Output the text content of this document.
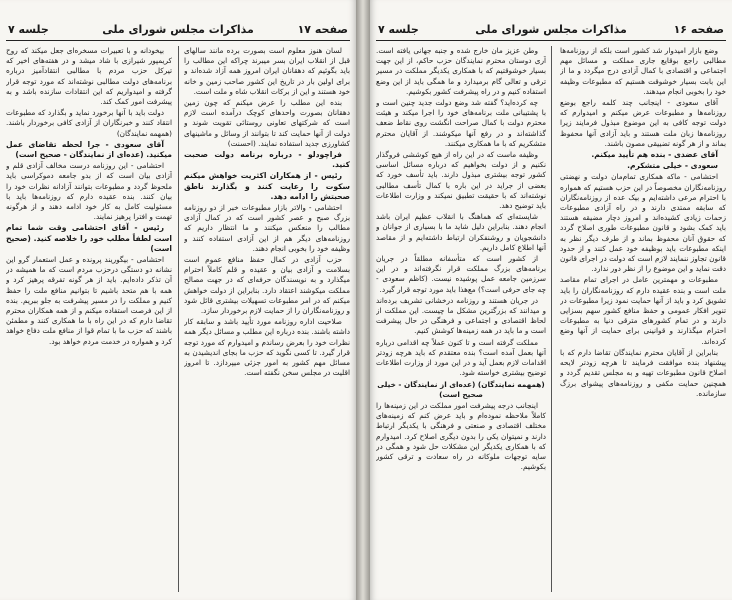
صفحه ۱۷
مذاکرات مجلس شورای ملی
جلسه ۷

لسان هنوز معلوم است بصورت برده مانند سالهای قبل از انقلاب ایران بسر میبرند چراکه این مطالب را باید بگوئیم که دهقانان ایران امروز همه آزاد شده‌اند و برای اولین بار در تاریخ این کشور صاحب زمین و خانه خود هستند و این از برکات انقلاب شاه و ملت است.

بنده این مطلب را عرض میکنم که چون زمین دهقانان بصورت واحدهای کوچک درآمده است لازم است که شرکتهای تعاونی روستائی تقویت شوند و دولت از آنها حمایت کند تا بتوانند از وسائل و ماشینهای کشاورزی جدید استفاده نمایند. (احسنت)

فراچودلو - درباره برنامه دولت صحبت کنید.

رئیس - از همکاران اکثریت خواهش میکنم سکوت را رعایت کنند و بگذارند ناطق صحبتش را ادامه دهد.

احتشامی - والاتر بازار مطبوعات خبر از دو روزنامه بزرگ صبح و عصر کشور است که در کمال آزادی مطالب را منعکس میکنند و ما انتظار داریم که روزنامه‌های دیگر هم از این آزادی استفاده کنند و وظیفه خود را بخوبی انجام دهند.

حزب آزادی در کمال حفظ منافع عموم است بسلامت و آزادی بیان و عقیده و قلم کاملاً احترام میگذارد و به نویسندگان حرفه‌ای که در جهت مصالح مملکت میکوشند اعتقاد دارد. بنابراین از دولت خواهش میکنم که در امر مطبوعات تسهیلات بیشتری قائل شود و روزنامه‌نگاران را از حمایت لازم برخوردار سازد.

صلاحیت اداره روزنامه مورد تأیید باشد و سابقه کار داشته باشند. بنده درباره این مطلب و مسائل دیگر همه نظرات خود را بعرض رساندم و امیدوارم که مورد توجه قرار گیرد. تا کسی نگوید که حزب ما بجای اندیشیدن به مسائل مهم کشور به امور جزئی میپردازد. تا امروز اقلیت در مجلس سخن نگفته است.

بیخودانه و با تعبیرات مسخره‌ای جعل میکند که روح کریمپور شیرازی با شاد میشد و در هفته‌های اخیر که تیرکل حزب مردم با مطالبی انتقادآمیز درباره برنامه‌های دولت مطالبی نوشته‌اند که مورد توجه قرار گرفته و امیدواریم که این انتقادات سازنده باشد و به پیشرفت امور کمک کند.

دولت باید با آنها برخورد نماید و بگذارد که مطبوعات انتقاد کنند و خبرنگاران از آزادی کافی برخوردار باشند. (همهمه نمایندگان)

آقای سعودی - جرا لحظه تقاضای عمل میکنید. (عده‌ای از نمایندگان - صحیح است)

احتشامی - این روزنامه درست مخالف آزادی قلم و آزادی بیان است که از بدو جامعه دموکراسی باید ملحوظ گردد و مطبوعات بتوانند آزادانه نظرات خود را بیان کنند. بنده عقیده دارم که روزنامه‌ها باید با مسئولیت کامل به کار خود ادامه دهند و از هرگونه تهمت و افترا پرهیز نمایند.

رئیس - آقای احتشامی وقت شما تمام است لطفاً مطلب خود را خلاصه کنید. (صحیح است)

احتشامی - بیگوریند پرونده و عمل استعمار گرو این نشانه دو دستگی درحزب مردم است که ما همیشه در آن تذکر داده‌ایم. باید از هر گونه تفرقه پرهیز کرد و همه با هم متحد باشیم تا بتوانیم منافع ملت را حفظ کنیم و مملکت را در مسیر پیشرفت به جلو ببریم. بنده از این فرصت استفاده میکنم و از همه همکاران محترم تقاضا دارم که در این راه با ما همکاری کنند و مطمئن باشند که حزب ما با تمام قوا از منافع ملت دفاع خواهد کرد و همواره در خدمت مردم خواهد بود.

صفحه ۱۶
مذاکرات مجلس شورای ملی
جلسه ۷

وضع بازار امیدوار شد کشور است بلکه از روزنامه‌ها مطالبی راجع بوقایع جاری مملکت و مسائل مهم اجتماعی و اقتصادی با کمال آزادی درج میگردد و ما از این بابت بسیار خوشوقت هستیم که مطبوعات وظیفه خود را بخوبی انجام میدهند.

آقای سعودی - اینجانب چند کلمه راجع بوضع روزنامه‌ها و مطبوعات عرض میکنم و امیدوارم که دولت توجه کافی به این موضوع مبذول فرمایند زیرا روزنامه‌ها زبان ملت هستند و باید آزادی آنها محفوظ بماند و از هر گونه تضییقی مصون باشند.

آقای عضدی - بنده هم تأیید میکنم.

سعودی - خیلی متشکرم.

احتشامی - ماکه همکاری تمام‌مان دولت و نهضتی روزنامه‌نگاران مخصوصاً در این حزب هستیم که همواره با احترام مرعی داشته‌ایم و بیک عده از روزنامه‌نگاران که سابقه ممتدی دارند و در راه آزادی مطبوعات زحمات زیادی کشیده‌اند و امروز دچار مضیقه هستند باید کمک بشود و قانون مطبوعات طوری اصلاح گردد که حقوق آنان محفوظ بماند و از طرف دیگر نظر به اینکه مطبوعات باید بوظیفه خود عمل کنند و از حدود قانون تجاوز ننمایند لازم است که دولت در اجرای قانون دقت نماید و این موضوع را از نظر دور ندارد.

مطبوعات و مهمترین عامل در اجرای تمام مقاصد ملت است و بنده عقیده دارم که روزنامه‌نگاران را باید تشویق کرد و باید از آنها حمایت نمود زیرا مطبوعات در تنویر افکار عمومی و حفظ منافع کشور سهم بسزایی دارند و در تمام کشورهای مترقی دنیا به مطبوعات احترام میگذارند و قوانینی برای حمایت از آنها وضع کرده‌اند.

بنابراین از آقایان محترم نمایندگان تقاضا دارم که با پیشنهاد بنده موافقت فرمایند تا هرچه زودتر لایحه اصلاح قانون مطبوعات تهیه و به مجلس تقدیم گردد و همچنین حمایت مکفی و روزنامه‌های پیشوای برزگ سازمانده.

وطن عزیز مان خارج شده و جنبه جهانی یافته است. آری دوستان محترم نمایندگان حزب حاکم، از این جهت بسیار خوشوقتیم که با همکاری یکدیگر مملکت در مسیر ترقی و تعالی گام برمیدارد و ما همگی باید از این وضع استفاده کنیم و در راه پیشرفت کشور بکوشیم.

چه کرده‌اید؟ گفته شد وضع دولت جدید چنین است و با پشتیبانی ملت برنامه‌های خود را اجرا میکند و هیئت محترم دولت با کمال صراحت انگشت روی نقاط ضعف گذاشته‌اند و در رفع آنها میکوشند. از آقایان محترم متشکریم که با ما همکاری میکنند.

وظیفه ماست که در این راه از هیچ کوششی فروگذار نکنیم و از دولت بخواهیم که درباره مسائل اساسی کشور توجه بیشتری مبذول دارند. باید تأسف خورد که بعضی از جراید در این باره با کمال تأسف مطالبی نوشته‌اند که با حقیقت تطبیق نمیکند و وزارت اطلاعات باید توضیح دهد.

شایسته‌ای که هماهنگ با انقلاب عظیم ایران باشد انجام دهند. بنابراین دلیل شاید ما با بسیاری از جوانان و دانشجویان و روشنفکران ارتباط داشته‌ایم و از مقاصد آنها اطلاع کامل داریم.

از کشور است که متأسفانه مطلقاً در جریان برنامه‌های بزرگ مملکت قرار نگرفته‌اند و در این سرزمین جامعه عمل پوشیده نیست. (کاظم سعودی - چه جای حرفی است؟) مع‌هذا باید مورد توجه قرار گیرد.

در جریان هستند و روزنامه درخشانی تشریف برده‌اند و میدانند که بزرگترین مشکل ما چیست. این مملکت از لحاظ اقتصادی و اجتماعی و فرهنگی در حال پیشرفت است و ما باید در همه زمینه‌ها کوشش کنیم.

مملکت گرفته است و تا کنون عملاً چه اقدامی درباره آنها بعمل آمده است؟ بنده معتقدم که باید هرچه زودتر اقدامات لازم بعمل آید و در این مورد از وزارت اطلاعات توضیح بیشتری خواسته شود.

(همهمه نمایندگان) (عده‌ای از نمایندگان - خیلی صحیح است)

اینجانب درجه پیشرفت امور مملکت در این زمینه‌ها را کاملاً ملاحظه نموده‌ام و باید عرض کنم که زمینه‌های مختلف اقتصادی و صنعتی و فرهنگی با یکدیگر ارتباط دارند و نمیتوان یکی را بدون دیگری اصلاح کرد. امیدوارم که با همکاری یکدیگر این مشکلات حل شود و همگی در سایه توجهات ملوکانه در راه سعادت و ترقی کشور بکوشیم.
